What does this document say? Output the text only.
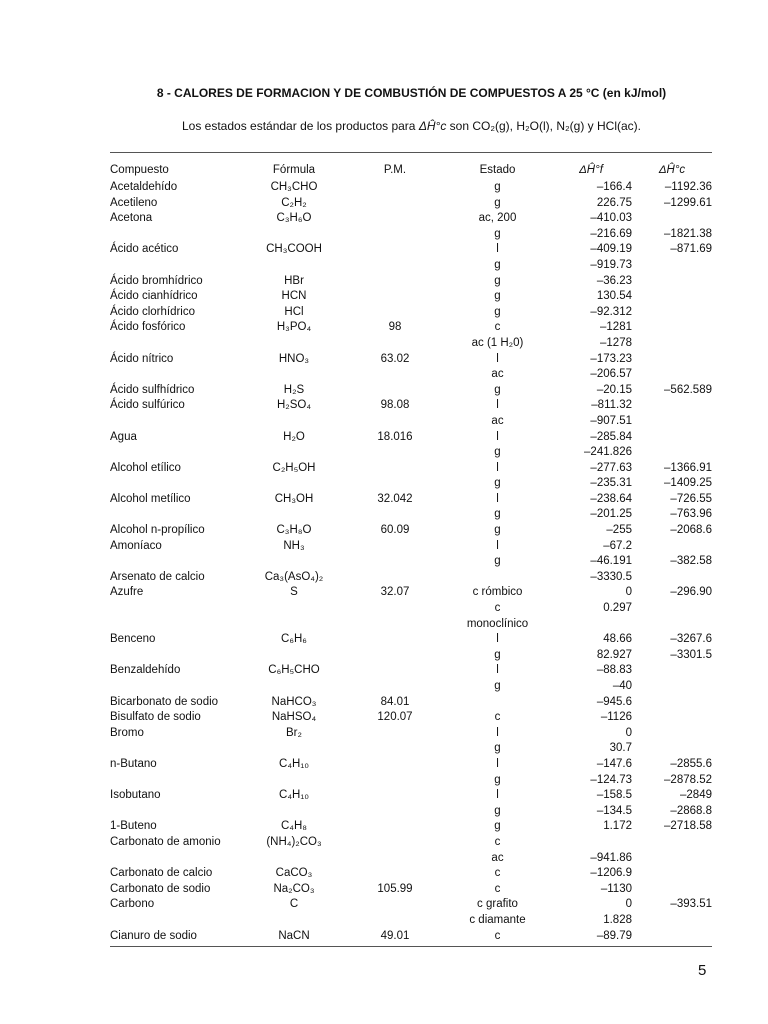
8 - CALORES DE FORMACION Y DE COMBUSTIÓN DE COMPUESTOS A 25 °C (en kJ/mol)
Los estados estándar de los productos para ΔĤ°c son CO₂(g), H₂O(l), N₂(g) y HCl(ac).
Compuesto	Fórmula	P.M.	Estado	ΔĤ°f	ΔĤ°c
Acetaldehído	CH₃CHO		g	–166.4	–1192.36
Acetileno	C₂H₂		g	226.75	–1299.61
Acetona	C₃H₆O		ac, 200	–410.03	
			g	–216.69	–1821.38
Ácido acético	CH₃COOH		l	–409.19	–871.69
			g	–919.73	
Ácido bromhídrico	HBr		g	–36.23	
Ácido cianhídrico	HCN		g	130.54	
Ácido clorhídrico	HCl		g	–92.312	
Ácido fosfórico	H₃PO₄	98	c	–1281	
			ac (1 H₂0)	–1278	
Ácido nítrico	HNO₃	63.02	l	–173.23	
			ac	–206.57	
Ácido sulfhídrico	H₂S		g	–20.15	–562.589
Ácido sulfúrico	H₂SO₄	98.08	l	–811.32	
			ac	–907.51	
Agua	H₂O	18.016	l	–285.84	
			g	–241.826	
Alcohol etílico	C₂H₅OH		l	–277.63	–1366.91
			g	–235.31	–1409.25
Alcohol metílico	CH₃OH	32.042	l	–238.64	–726.55
			g	–201.25	–763.96
Alcohol n-propílico	C₃H₈O	60.09	g	–255	–2068.6
Amoníaco	NH₃		l	–67.2	
			g	–46.191	–382.58
Arsenato de calcio	Ca₃(AsO₄)₂			–3330.5	
Azufre	S	32.07	c rómbico	0	–296.90
			c	0.297	
			monoclínico		
Benceno	C₆H₆		l	48.66	–3267.6
			g	82.927	–3301.5
Benzaldehído	C₆H₅CHO		l	–88.83	
			g	–40	
Bicarbonato de sodio	NaHCO₃	84.01		–945.6	
Bisulfato de sodio	NaHSO₄	120.07	c	–1126	
Bromo	Br₂		l	0	
			g	30.7	
n-Butano	C₄H₁₀		l	–147.6	–2855.6
			g	–124.73	–2878.52
Isobutano	C₄H₁₀		l	–158.5	–2849
			g	–134.5	–2868.8
1-Buteno	C₄H₈		g	1.172	–2718.58
Carbonato de amonio	(NH₄)₂CO₃		c		
			ac	–941.86	
Carbonato de calcio	CaCO₃		c	–1206.9	
Carbonato de sodio	Na₂CO₃	105.99	c	–1130	
Carbono	C		c grafito	0	–393.51
			c diamante	1.828	
Cianuro de sodio	NaCN	49.01	c	–89.79	
5
